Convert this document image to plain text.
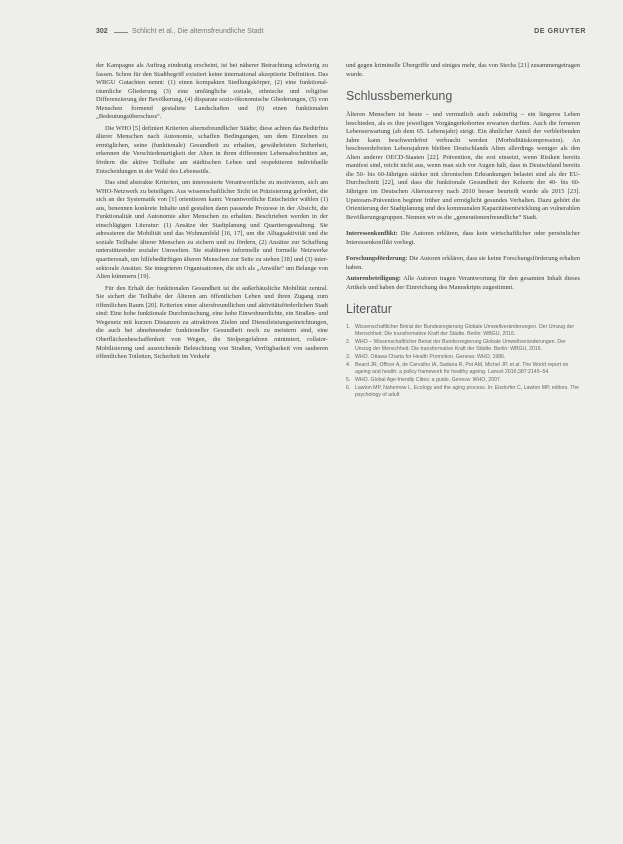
302	Schlicht et al., Die alternsfreundliche Stadt	DE GRUYTER

der Kampagne als Auftrag eindeutig erscheint, ist bei näherer Betrachtung schwierig zu fassen. Schon für den Stadtbegriff existiert keine international akzeptierte Definition. Das WBGU Gutachten nennt: (1) einen kompakten Siedlungskörper, (2) eine funktional-räumliche Gliederung (3) eine umfängliche soziale, ethnische und religiöse Differenzierung der Bevölkerung, (4) disparate sozio-ökonomische Gliederungen, (5) von Menschen formend gestaltete Landschaften und (6) einen funktionalen „Bedeutungsüberschuss“.

Die WHO [5] definiert Kriterien alternsfreundlicher Städte; diese achten das Bedürfnis älterer Menschen nach Autonomie, schaffen Bedingungen, um dem Einzelnen zu ermöglichen, seine (funktionale) Gesundheit zu erhalten, gewährleisten Sicherheit, erkennen die Verschiedenartigkeit der Alten in ihren differenten Lebensabschnitten an, fördern die aktive Teilhabe am städtischen Leben und respektieren individuelle Entscheidungen in der Wahl des Lebensstils.

Das sind abstrakte Kriterien, um interessierte Verantwortliche zu motivieren, sich am WHO-Netzwerk zu beteiligen. Aus wissenschaftlicher Sicht ist Präzisierung gefordert, die sich an der Systematik von [1] orientieren kann: Verantwortliche Entscheider wählen (1) aus, benennen konkrete Inhalte und gestalten dann passende Prozesse in der Absicht, die Funktionalität und Autonomie alter Menschen zu erhalten. Beschrieben werden in der einschlägigen Literatur: (1) Ansätze der Stadtplanung und Quartiersgestaltung. Sie adressieren die Mobilität und das Wohnumfeld [16, 17], um die Alltagsaktivität und die soziale Teilhabe älterer Menschen zu sichern und zu fördern, (2) Ansätze zur Schaffung unterstützender sozialer Umwelten. Sie etablieren informelle und formelle Netzwerke quartiersnah, um hilfebedürftigen älteren Menschen zur Seite zu stehen [18] und (3) inter-sektorale Ansätze. Sie integrieren Organisationen, die sich als „Anwälte“ um Belange von Alten kümmern [19].

Für den Erhalt der funktionalen Gesundheit ist die außerhäusliche Mobilität zentral. Sie sichert die Teilhabe der Älteren am öffentlichen Leben und ihren Zugang zum öffentlichen Raum [20]. Kriterien einer altersfreundlichen und aktivitätsförderlichen Stadt sind: Eine hohe funktionale Durchmischung, eine hohe Einwohnerdichte, ein Straßen- und Wegenetz mit kurzen Distanzen zu attraktiven Zielen und Dienstleistungseinrichtungen, die auch bei abnehmender funktioneller Gesundheit noch zu meistern sind, eine Oberflächenbeschaffenheit von Wegen, die Stolpergefahren minimiert, rollator-Mobilisierung und ausreichende Beleuchtung von Straßen, Verfügbarkeit von sauberen öffentlichen Toiletten, Sicherheit im Verkehr

und gegen kriminelle Übergriffe und einiges mehr, das von Stecks [21] zusammengetragen wurde.

Schlussbemerkung

Älteren Menschen ist heute – und vermutlich auch zukünftig – ein längeres Leben beschieden, als es ihre jeweiligen Vorgängerkohorten erwarten durften. Auch die ferneren Lebenserwartung (ab dem 65. Lebensjahr) steigt. Ein ähnlicher Anteil der verbleibenden Jahre kann beschwerdefrei verbracht werden (Morbiditätskompression). An beschwerdefreien Lebensjahren bleiben Deutschlands Alten allerdings weniger als den Alten anderer OECD-Staaten [22]. Prävention, die erst einsetzt, wenn Risiken bereits manifest sind, reicht nicht aus, wenn man sich vor Augen hält, dass in Deutschland bereits die 50- bis 60-Jährigen stärker mit chronischen Erkrankungen belastet sind als der EU-Durchschnitt [22], und dass die funktionale Gesundheit der Kohorte der 40- bis 60-Jährigen im Deutschen Alterssurvey nach 2010 besser beurteilt wurde als 2015 [23]. Upstream-Prävention beginnt früher und ermöglicht gesundes Verhalten. Dazu gehört die Orientierung der Stadtplanung und des kommunalen Kapazitätsentwicklung an vulnerablen Bevölkerungsgruppen. Nennen wir es die „generationenfreundliche“ Stadt.

Interessenkonflikt: Die Autoren erklären, dass kein wirtschaftlicher oder persönlicher Interessenkonflikt vorliegt.

Forschungsförderung: Die Autoren erklären, dass sie keine Forschungsförderung erhalten haben.

Autorenbeteiligung: Alle Autoren tragen Verantwortung für den gesamten Inhalt dieses Artikels und haben der Einreichung des Manuskripts zugestimmt.

Literatur
1. Wissenschaftlicher Beirat der Bundesregierung Globale Umweltveränderungen. Der Umzug der Menschheit: Die transformative Kraft der Städte. Berlin: WBGU, 2016.
2. WHO – Wissenschaftlicher Beirat der Bundesregierung Globale Umweltveränderungen. Der Umzug der Menschheit: Die transformative Kraft der Städte. Berlin: WBGU, 2016.
3. WHO. Ottawa Charta for Health Promotion. Geneva: WHO, 1986.
4. Beard JR, Officer A, de Carvalho IA, Sadana R, Pot AM, Michel JP, et al. The World report on ageing and health: a policy framework for healthy ageing. Lancet 2016;387:2145–54.
5. WHO. Global Age-friendly Cities: a guide. Geneva: WHO, 2007.
6. Lawton MP, Nahemow L. Ecology and the aging process. In: Eisdorfer C, Lawton MP, editors. The psychology of adult
